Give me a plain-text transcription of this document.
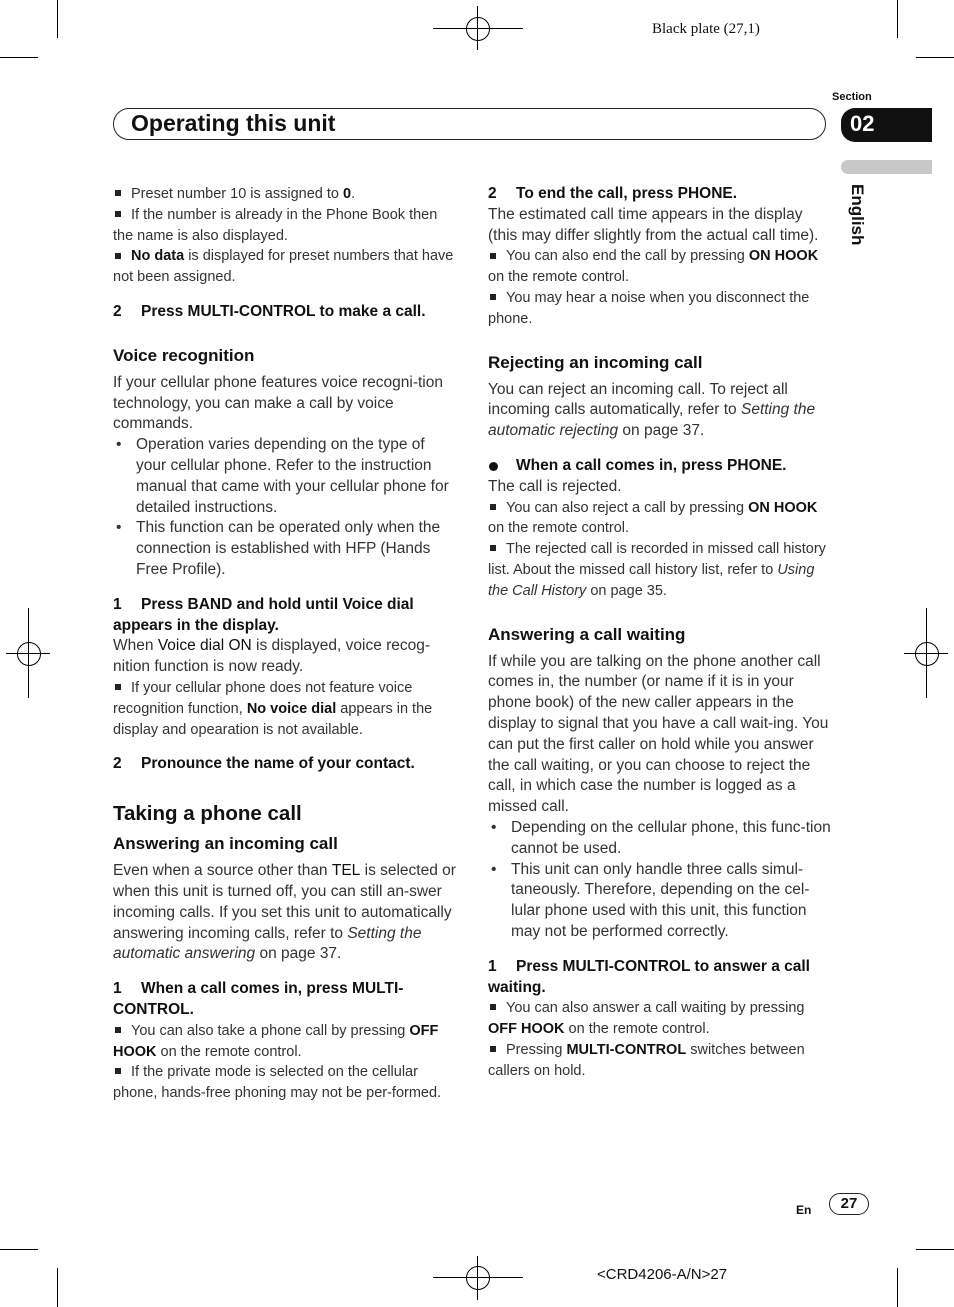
Black plate (27,1)
Operating this unit
Section
02
English

Preset number 10 is assigned to 0.

If the number is already in the Phone Book then the name is also displayed.

No data is displayed for preset numbers that have not been assigned.

2 Press MULTI-CONTROL to make a call.

Voice recognition

If your cellular phone features voice recogni-tion technology, you can make a call by voice commands.

• Operation varies depending on the type of your cellular phone. Refer to the instruction manual that came with your cellular phone for detailed instructions.

• This function can be operated only when the connection is established with HFP (Hands Free Profile).

1 Press BAND and hold until Voice dial appears in the display.

When Voice dial ON is displayed, voice recog-nition function is now ready.

If your cellular phone does not feature voice recognition function, No voice dial appears in the display and opearation is not available.

2 Pronounce the name of your contact.

Taking a phone call

Answering an incoming call

Even when a source other than TEL is selected or when this unit is turned off, you can still an-swer incoming calls. If you set this unit to automatically answering incoming calls, refer to Setting the automatic answering on page 37.

1 When a call comes in, press MULTI-CONTROL.

You can also take a phone call by pressing OFF HOOK on the remote control.

If the private mode is selected on the cellular phone, hands-free phoning may not be per-formed.

2 To end the call, press PHONE.

The estimated call time appears in the display (this may differ slightly from the actual call time).

You can also end the call by pressing ON HOOK on the remote control.

You may hear a noise when you disconnect the phone.

Rejecting an incoming call

You can reject an incoming call. To reject all incoming calls automatically, refer to Setting the automatic rejecting on page 37.

When a call comes in, press PHONE.

The call is rejected.

You can also reject a call by pressing ON HOOK on the remote control.

The rejected call is recorded in missed call history list. About the missed call history list, refer to Using the Call History on page 35.

Answering a call waiting

If while you are talking on the phone another call comes in, the number (or name if it is in your phone book) of the new caller appears in the display to signal that you have a call wait-ing. You can put the first caller on hold while you answer the call waiting, or you can choose to reject the call, in which case the number is logged as a missed call.

• Depending on the cellular phone, this func-tion cannot be used.

• This unit can only handle three calls simul-taneously. Therefore, depending on the cel-lular phone used with this unit, this function may not be performed correctly.

1 Press MULTI-CONTROL to answer a call waiting.

You can also answer a call waiting by pressing OFF HOOK on the remote control.

Pressing MULTI-CONTROL switches between callers on hold.

En	27
<CRD4206-A/N>27
